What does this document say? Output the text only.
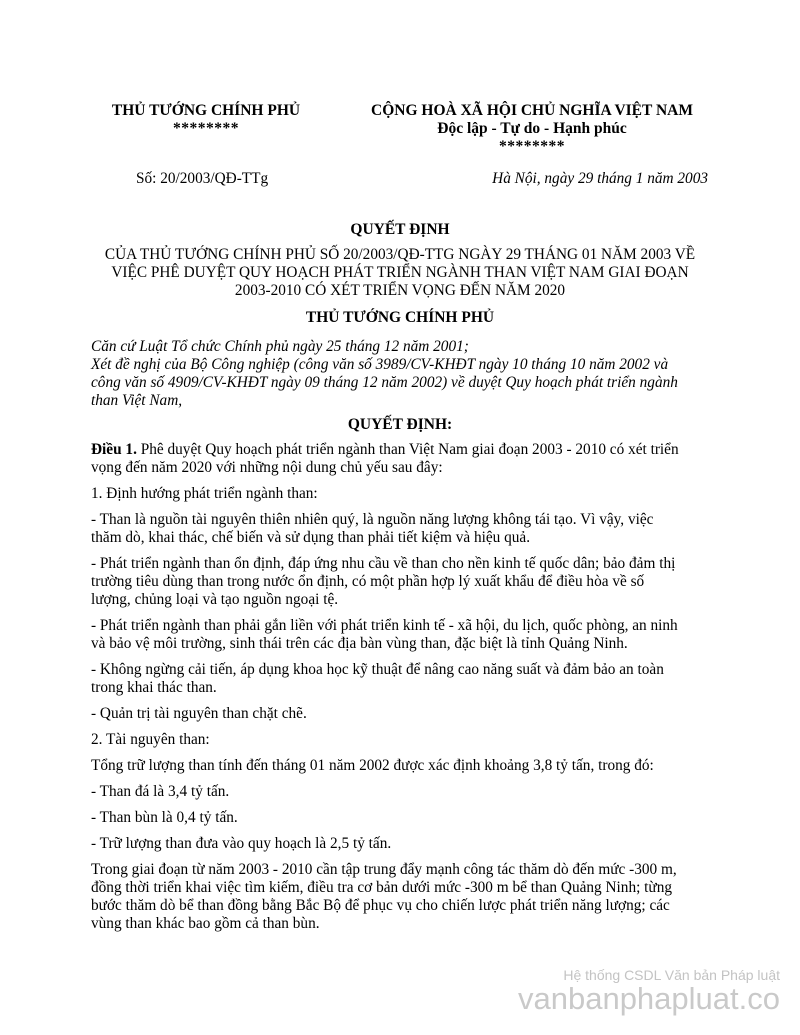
THỦ TƯỚNG CHÍNH PHỦ
********
CỘNG HOÀ XÃ HỘI CHỦ NGHĨA VIỆT NAM
Độc lập - Tự do - Hạnh phúc
********
Số: 20/2003/QĐ-TTg	Hà Nội, ngày 29 tháng 1 năm 2003
QUYẾT ĐỊNH
CỦA THỦ TƯỚNG CHÍNH PHỦ SỐ 20/2003/QĐ-TTG NGÀY 29 THÁNG 01 NĂM 2003 VỀ
VIỆC PHÊ DUYỆT QUY HOẠCH PHÁT TRIỂN NGÀNH THAN VIỆT NAM GIAI ĐOẠN
2003-2010 CÓ XÉT TRIỂN VỌNG ĐẾN NĂM 2020
THỦ TƯỚNG CHÍNH PHỦ
Căn cứ Luật Tổ chức Chính phủ ngày 25 tháng 12 năm 2001;
Xét đề nghị của Bộ Công nghiệp (công văn số 3989/CV-KHĐT ngày 10 tháng 10 năm 2002 và
công văn số 4909/CV-KHĐT ngày 09 tháng 12 năm 2002) về duyệt Quy hoạch phát triển ngành
than Việt Nam,
QUYẾT ĐỊNH:
Điều 1. Phê duyệt Quy hoạch phát triển ngành than Việt Nam giai đoạn 2003 - 2010 có xét triển
vọng đến năm 2020 với những nội dung chủ yếu sau đây:
1. Định hướng phát triển ngành than:
- Than là nguồn tài nguyên thiên nhiên quý, là nguồn năng lượng không tái tạo. Vì vậy, việc
thăm dò, khai thác, chế biến và sử dụng than phải tiết kiệm và hiệu quả.
- Phát triển ngành than ổn định, đáp ứng nhu cầu về than cho nền kinh tế quốc dân; bảo đảm thị
trường tiêu dùng than trong nước ổn định, có một phần hợp lý xuất khẩu để điều hòa về số
lượng, chủng loại và tạo nguồn ngoại tệ.
- Phát triển ngành than phải gắn liền với phát triển kinh tế - xã hội, du lịch, quốc phòng, an ninh
và bảo vệ môi trường, sinh thái trên các địa bàn vùng than, đặc biệt là tỉnh Quảng Ninh.
- Không ngừng cải tiến, áp dụng khoa học kỹ thuật để nâng cao năng suất và đảm bảo an toàn
trong khai thác than.
- Quản trị tài nguyên than chặt chẽ.
2. Tài nguyên than:
Tổng trữ lượng than tính đến tháng 01 năm 2002 được xác định khoảng 3,8 tỷ tấn, trong đó:
- Than đá là 3,4 tỷ tấn.
- Than bùn là 0,4 tỷ tấn.
- Trữ lượng than đưa vào quy hoạch là 2,5 tỷ tấn.
Trong giai đoạn từ năm 2003 - 2010 cần tập trung đẩy mạnh công tác thăm dò đến mức -300 m,
đồng thời triển khai việc tìm kiếm, điều tra cơ bản dưới mức -300 m bể than Quảng Ninh; từng
bước thăm dò bể than đồng bằng Bắc Bộ để phục vụ cho chiến lược phát triển năng lượng; các
vùng than khác bao gồm cả than bùn.
Hệ thống CSDL Văn bản Pháp luật
vanbanphapluat.co
